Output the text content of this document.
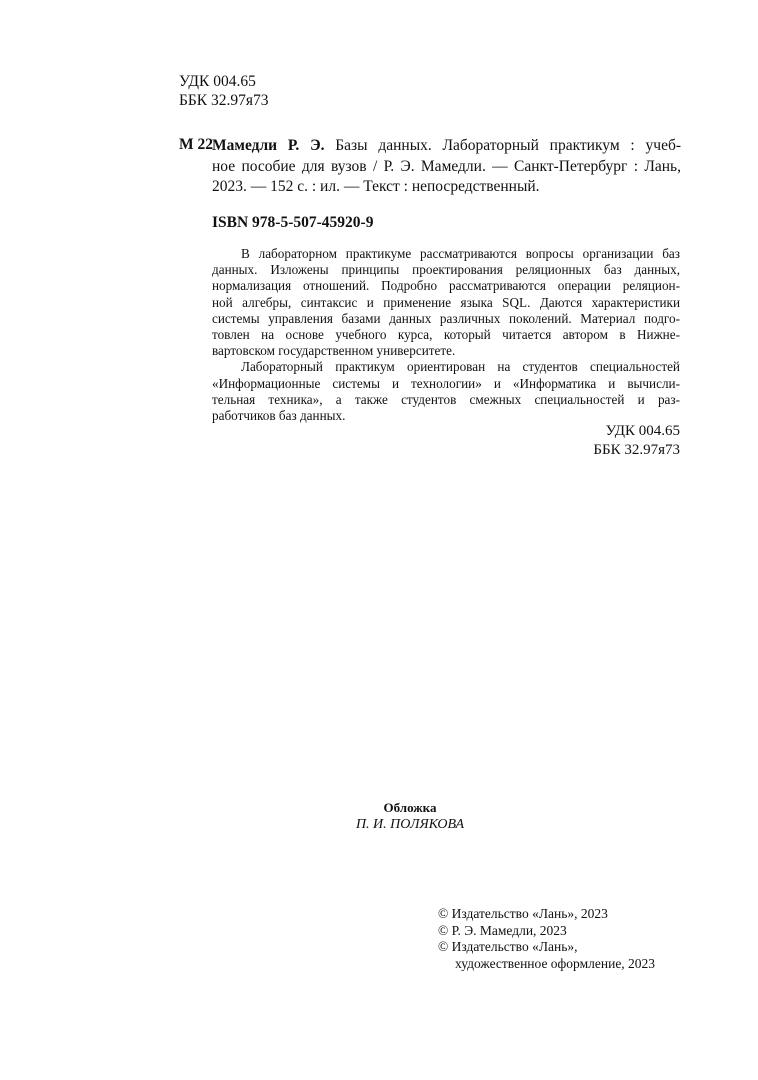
УДК 004.65
ББК 32.97я73
М 22
Мамедли Р. Э. Базы данных. Лабораторный практикум : учеб-
ное пособие для вузов / Р. Э. Мамедли. — Санкт-Петербург : Лань,
2023. — 152 с. : ил. — Текст : непосредственный.
ISBN 978-5-507-45920-9
В лабораторном практикуме рассматриваются вопросы организации баз
данных. Изложены принципы проектирования реляционных баз данных,
нормализация отношений. Подробно рассматриваются операции реляцион-
ной алгебры, синтаксис и применение языка SQL. Даются характеристики
системы управления базами данных различных поколений. Материал подго-
товлен на основе учебного курса, который читается автором в Нижне-
вартовском государственном университете.
Лабораторный практикум ориентирован на студентов специальностей
«Информационные системы и технологии» и «Информатика и вычисли-
тельная техника», а также студентов смежных специальностей и раз-
работчиков баз данных.
УДК 004.65
ББК 32.97я73
Обложка
П. И. ПОЛЯКОВА
© Издательство «Лань», 2023
© Р. Э. Мамедли, 2023
© Издательство «Лань»,
художественное оформление, 2023
